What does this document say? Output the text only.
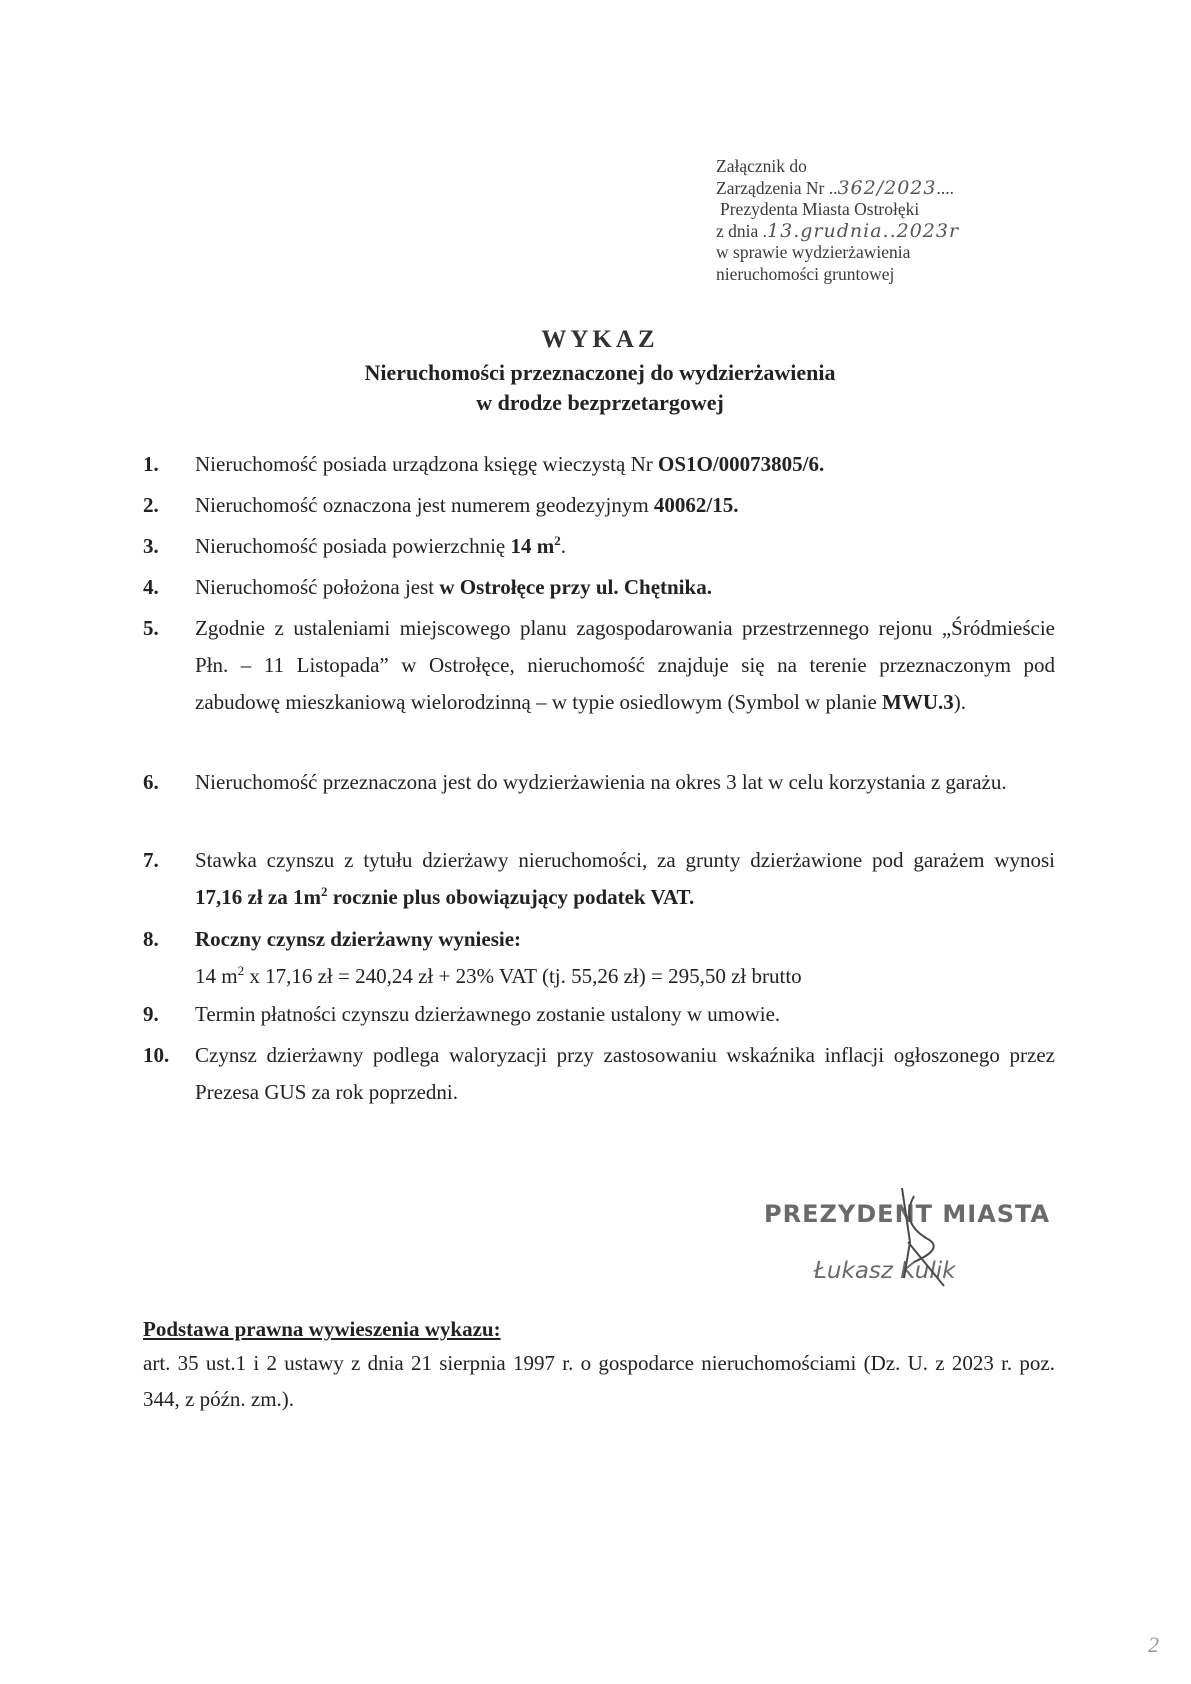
Załącznik do
Zarządzenia Nr ..362/2023....
Prezydenta Miasta Ostrołęki
z dnia .13.grudnia..2023r
w sprawie wydzierżawienia
nieruchomości gruntowej
WYKAZ
Nieruchomości przeznaczonej do wydzierżawienia
w drodze bezprzetargowej
1.	Nieruchomość posiada urządzona księgę wieczystą Nr OS1O/00073805/6.
2.	Nieruchomość oznaczona jest numerem geodezyjnym 40062/15.
3.	Nieruchomość posiada powierzchnię 14 $m^2$.
4.	Nieruchomość położona jest w Ostrołęce przy ul. Chętnika.
5.	Zgodnie z ustaleniami miejscowego planu zagospodarowania przestrzennego rejonu „Śródmieście Płn. – 11 Listopada” w Ostrołęce, nieruchomość znajduje się na terenie przeznaczonym pod zabudowę mieszkaniową wielorodzinną – w typie osiedlowym (Symbol w planie MWU.3).
6.	Nieruchomość przeznaczona jest do wydzierżawienia na okres 3 lat w celu korzystania z garażu.
7.	Stawka czynszu z tytułu dzierżawy nieruchomości, za grunty dzierżawione pod garażem wynosi 17,16 zł za $1m^2$ rocznie plus obowiązujący podatek VAT.
8.	Roczny czynsz dzierżawny wyniesie:

14 $m^2$ x 17,16 zł = 240,24 zł + 23% VAT (tj. 55,26 zł) = 295,50 zł brutto

9.	Termin płatności czynszu dzierżawnego zostanie ustalony w umowie.
10.	Czynsz dzierżawny podlega waloryzacji przy zastosowaniu wskaźnika inflacji ogłoszonego przez Prezesa GUS za rok poprzedni.
PREZYDENT MIASTA
Łukasz Kulik
Podstawa prawna wywieszenia wykazu:
art. 35 ust.1 i 2 ustawy z dnia 21 sierpnia 1997 r. o gospodarce nieruchomościami (Dz. U. z 2023 r. poz. 344, z późn. zm.).
2
